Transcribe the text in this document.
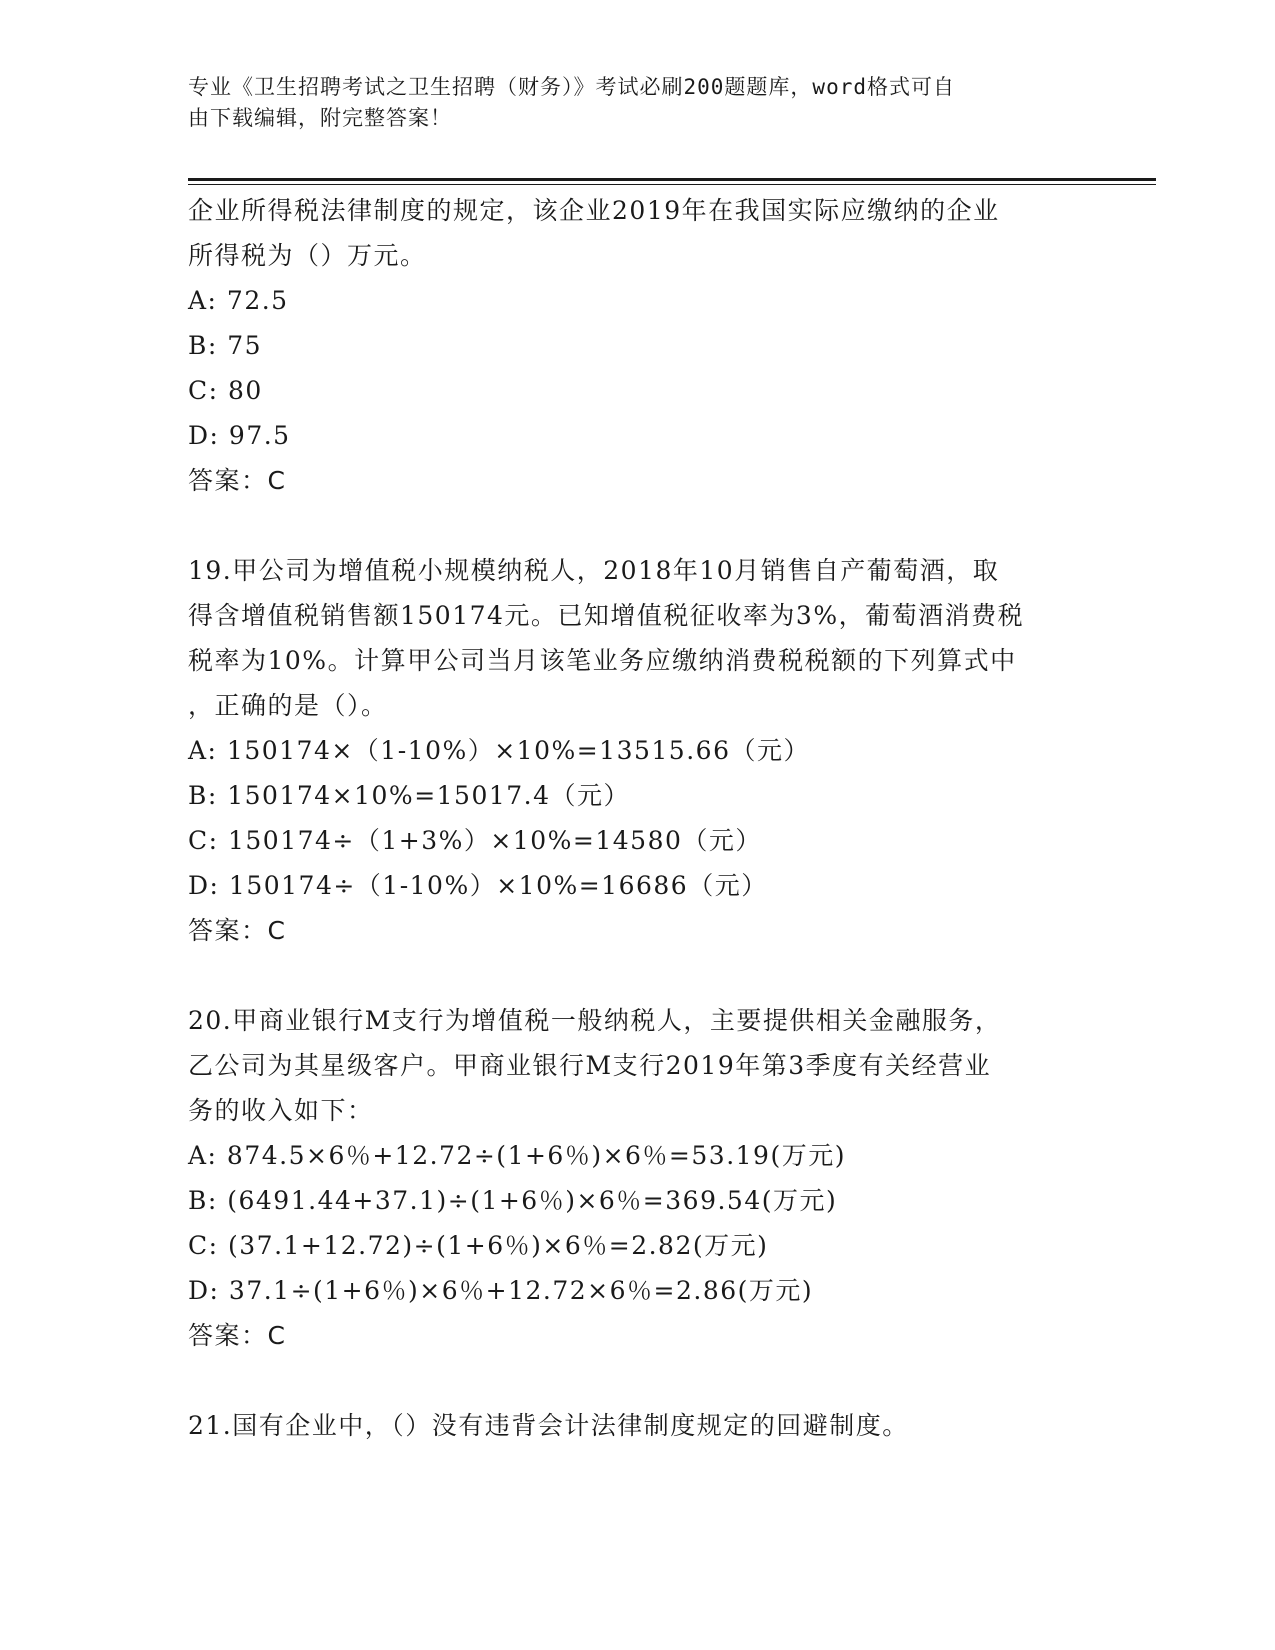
专业《卫生招聘考试之卫生招聘（财务）》考试必刷200题题库，word格式可自
由下载编辑，附完整答案！
企业所得税法律制度的规定，该企业2019年在我国实际应缴纳的企业
所得税为（）万元。
A: 72.5
B: 75
C: 80
D: 97.5
答案：C
19.甲公司为增值税小规模纳税人，2018年10月销售自产葡萄酒，取
得含增值税销售额150174元。已知增值税征收率为3%，葡萄酒消费税
税率为10%。计算甲公司当月该笔业务应缴纳消费税税额的下列算式中
，正确的是（）。
A: 150174×（1-10%）×10%=13515.66（元）
B: 150174×10%=15017.4（元）
C: 150174÷（1+3%）×10%=14580（元）
D: 150174÷（1-10%）×10%=16686（元）
答案：C
20.甲商业银行M支行为增值税一般纳税人，主要提供相关金融服务，
乙公司为其星级客户。甲商业银行M支行2019年第3季度有关经营业
务的收入如下：
A: 874.5×6％+12.72÷(1+6％)×6％=53.19(万元)
B: (6491.44+37.1)÷(1+6％)×6％=369.54(万元)
C: (37.1+12.72)÷(1+6％)×6％=2.82(万元)
D: 37.1÷(1+6％)×6％+12.72×6％=2.86(万元)
答案：C
21.国有企业中，（）没有违背会计法律制度规定的回避制度。
